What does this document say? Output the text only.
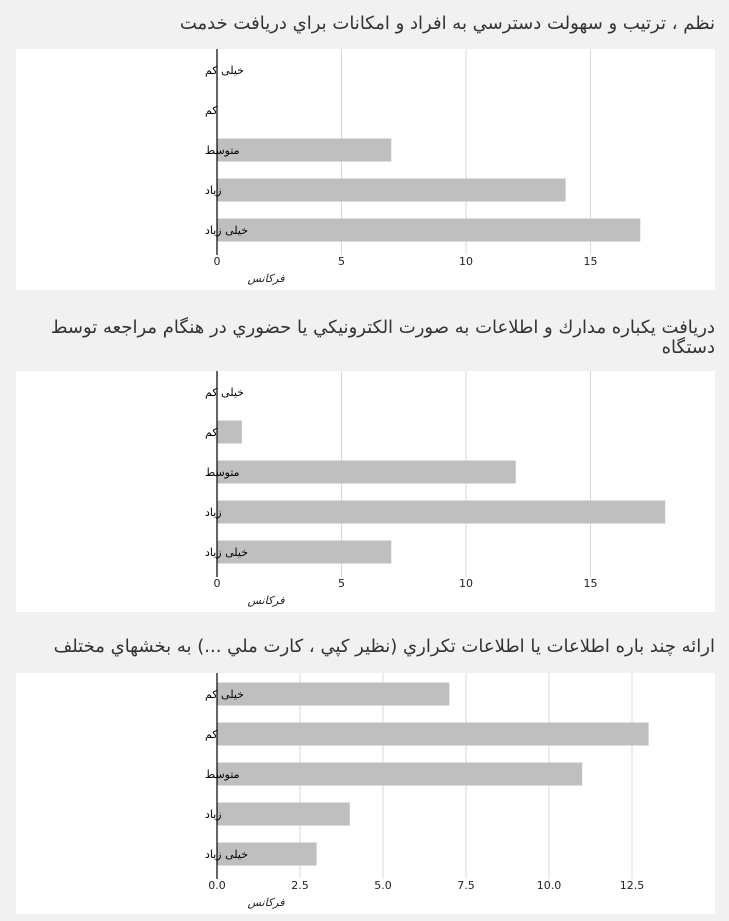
نظم ، ترتيب و سهولت دسترسي به افراد و امكانات براي دريافت خدمت
خیلی کم
کم
متوسط
زیاد
خیلی زیاد
0	5	10	15
فرکانس
دريافت يكباره مدارك و اطلاعات به صورت الكترونيكي يا حضوري در هنگام مراجعه توسط دستگاه
خیلی کم
کم
متوسط
زیاد
خیلی زیاد
0	5	10	15
فرکانس
ارائه چند باره اطلاعات يا اطلاعات تكراري (نظير كپي ، كارت ملي ...) به بخشهاي مختلف
خیلی کم
کم
متوسط
زیاد
خیلی زیاد
0.0	2.5	5.0	7.5	10.0	12.5
فرکانس
